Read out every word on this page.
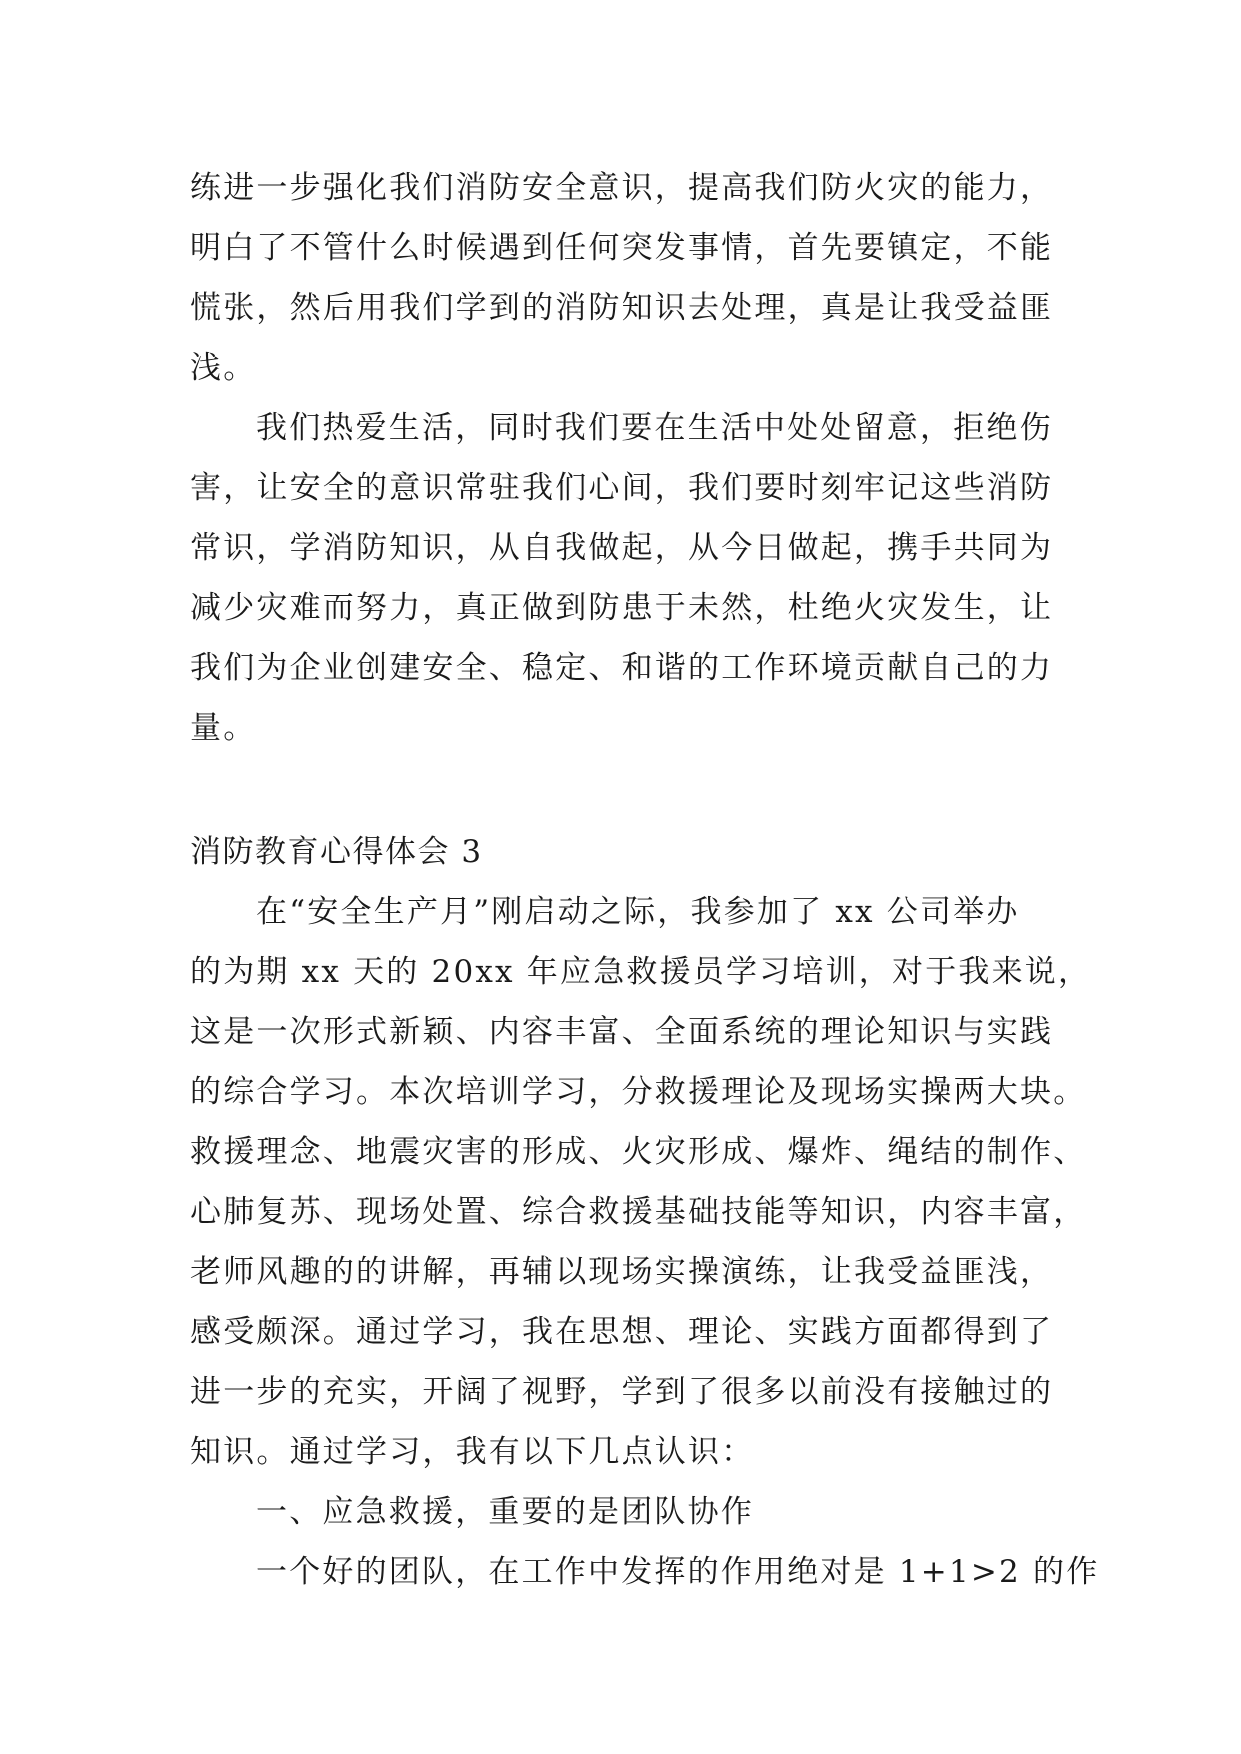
练进一步强化我们消防安全意识，提高我们防火灾的能力，
明白了不管什么时候遇到任何突发事情，首先要镇定，不能
慌张，然后用我们学到的消防知识去处理，真是让我受益匪
浅。
我们热爱生活，同时我们要在生活中处处留意，拒绝伤
害，让安全的意识常驻我们心间，我们要时刻牢记这些消防
常识，学消防知识，从自我做起，从今日做起，携手共同为
减少灾难而努力，真正做到防患于未然，杜绝火灾发生，让
我们为企业创建安全、稳定、和谐的工作环境贡献自己的力
量。
消防教育心得体会 3
在“安全生产月”刚启动之际，我参加了 xx 公司举办
的为期 xx 天的 20xx 年应急救援员学习培训，对于我来说，
这是一次形式新颖、内容丰富、全面系统的理论知识与实践
的综合学习。本次培训学习，分救援理论及现场实操两大块。
救援理念、地震灾害的形成、火灾形成、爆炸、绳结的制作、
心肺复苏、现场处置、综合救援基础技能等知识，内容丰富，
老师风趣的的讲解，再辅以现场实操演练，让我受益匪浅，
感受颇深。通过学习，我在思想、理论、实践方面都得到了
进一步的充实，开阔了视野，学到了很多以前没有接触过的
知识。通过学习，我有以下几点认识：
一、应急救援，重要的是团队协作
一个好的团队，在工作中发挥的作用绝对是 1+1>2 的作
